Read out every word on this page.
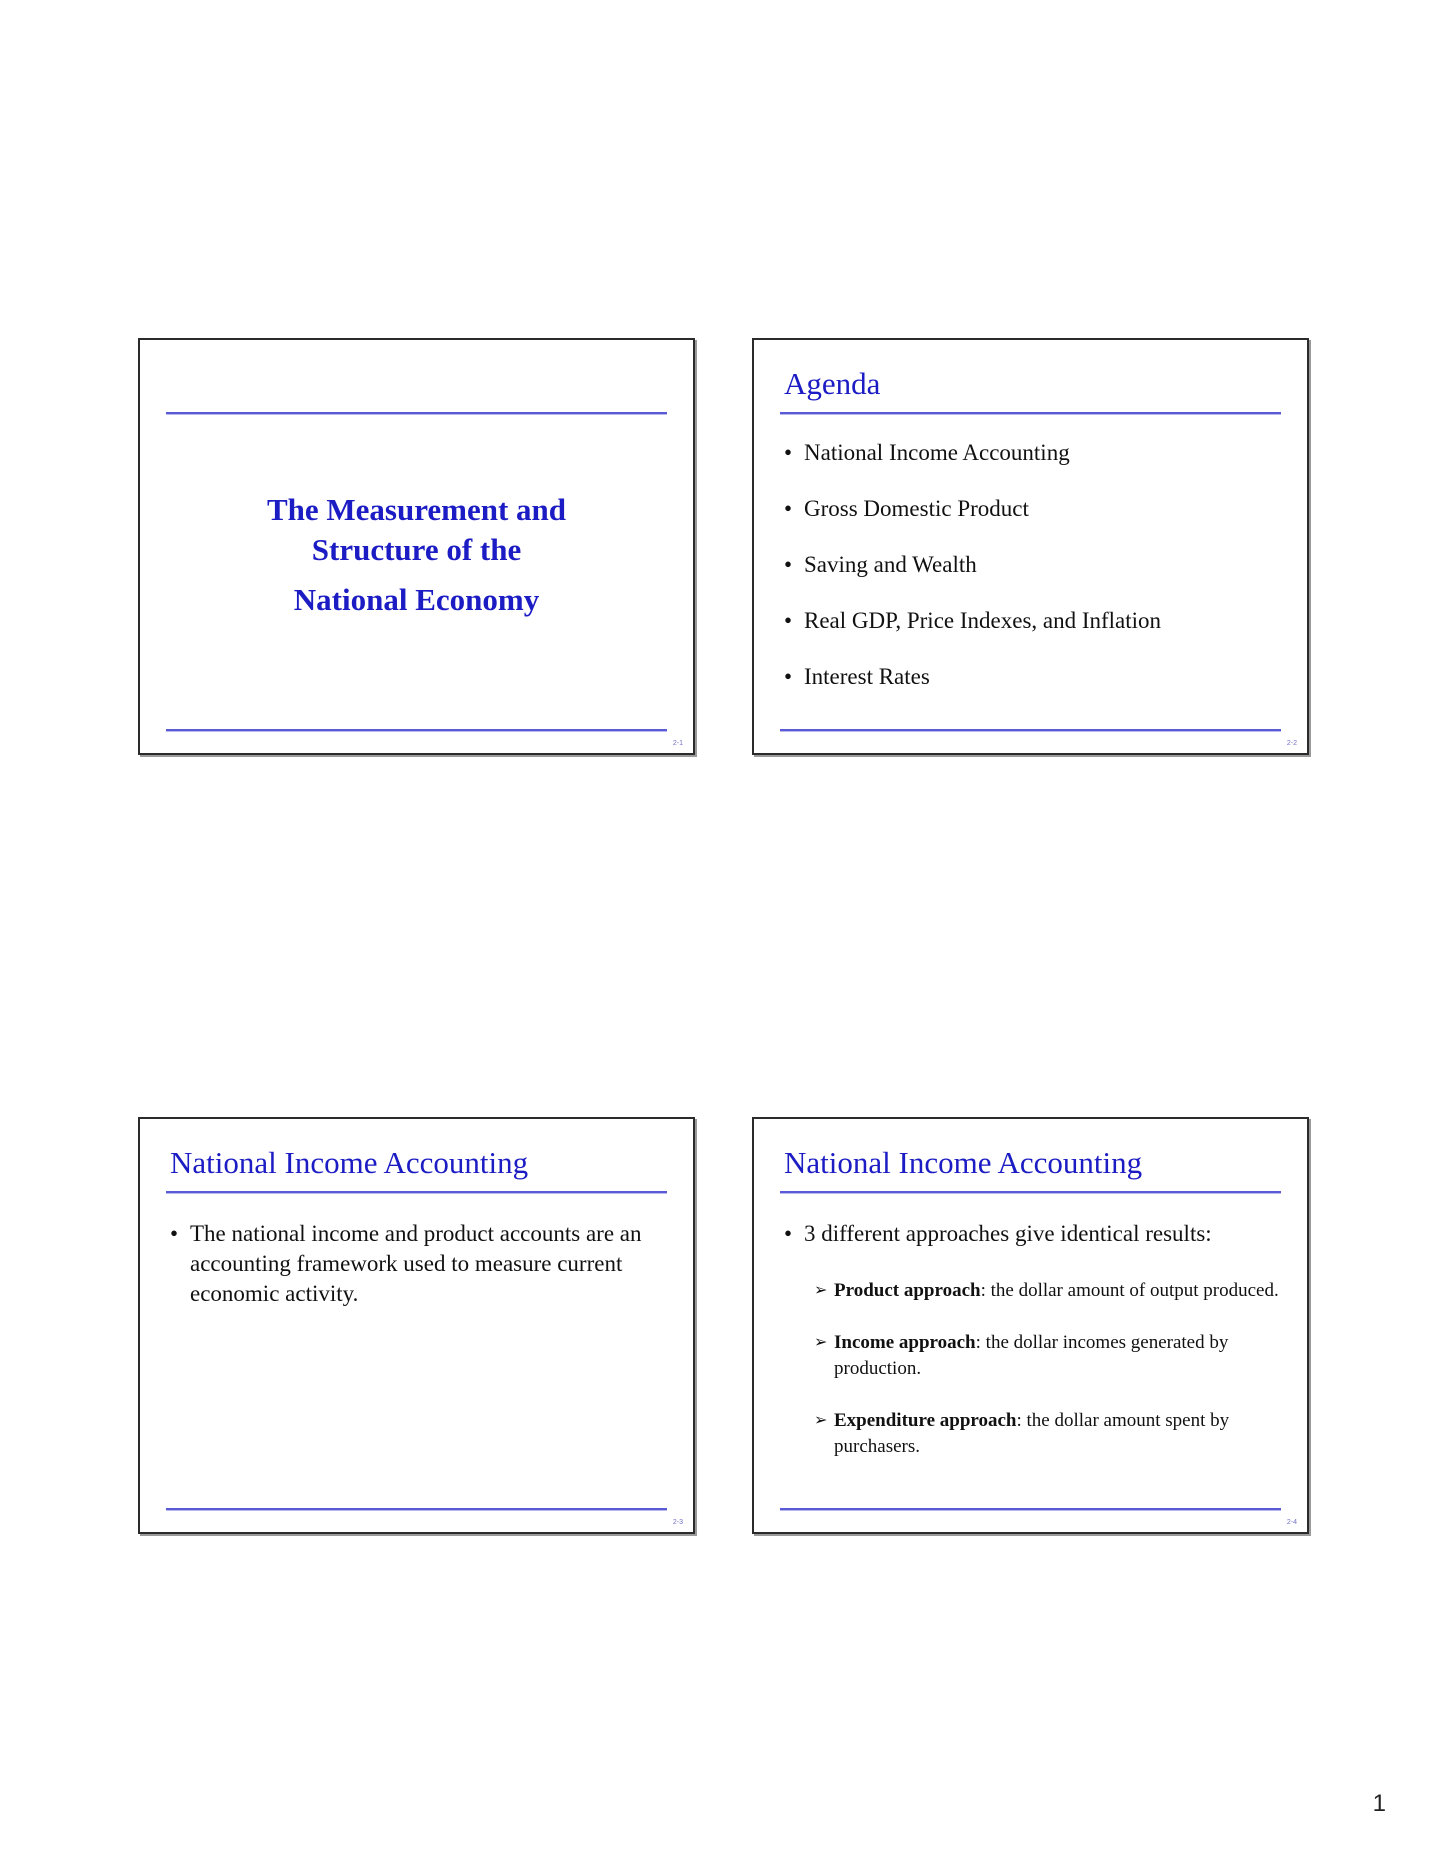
The Measurement and
Structure of the
National Economy
2-1
Agenda
• National Income Accounting
• Gross Domestic Product
• Saving and Wealth
• Real GDP, Price Indexes, and Inflation
• Interest Rates
2-2
National Income Accounting
• The national income and product accounts are an accounting framework used to measure current economic activity.
2-3
National Income Accounting
• 3 different approaches give identical results:
➢ Product approach: the dollar amount of output produced.
➢ Income approach: the dollar incomes generated by production.
➢ Expenditure approach: the dollar amount spent by purchasers.
2-4
1
